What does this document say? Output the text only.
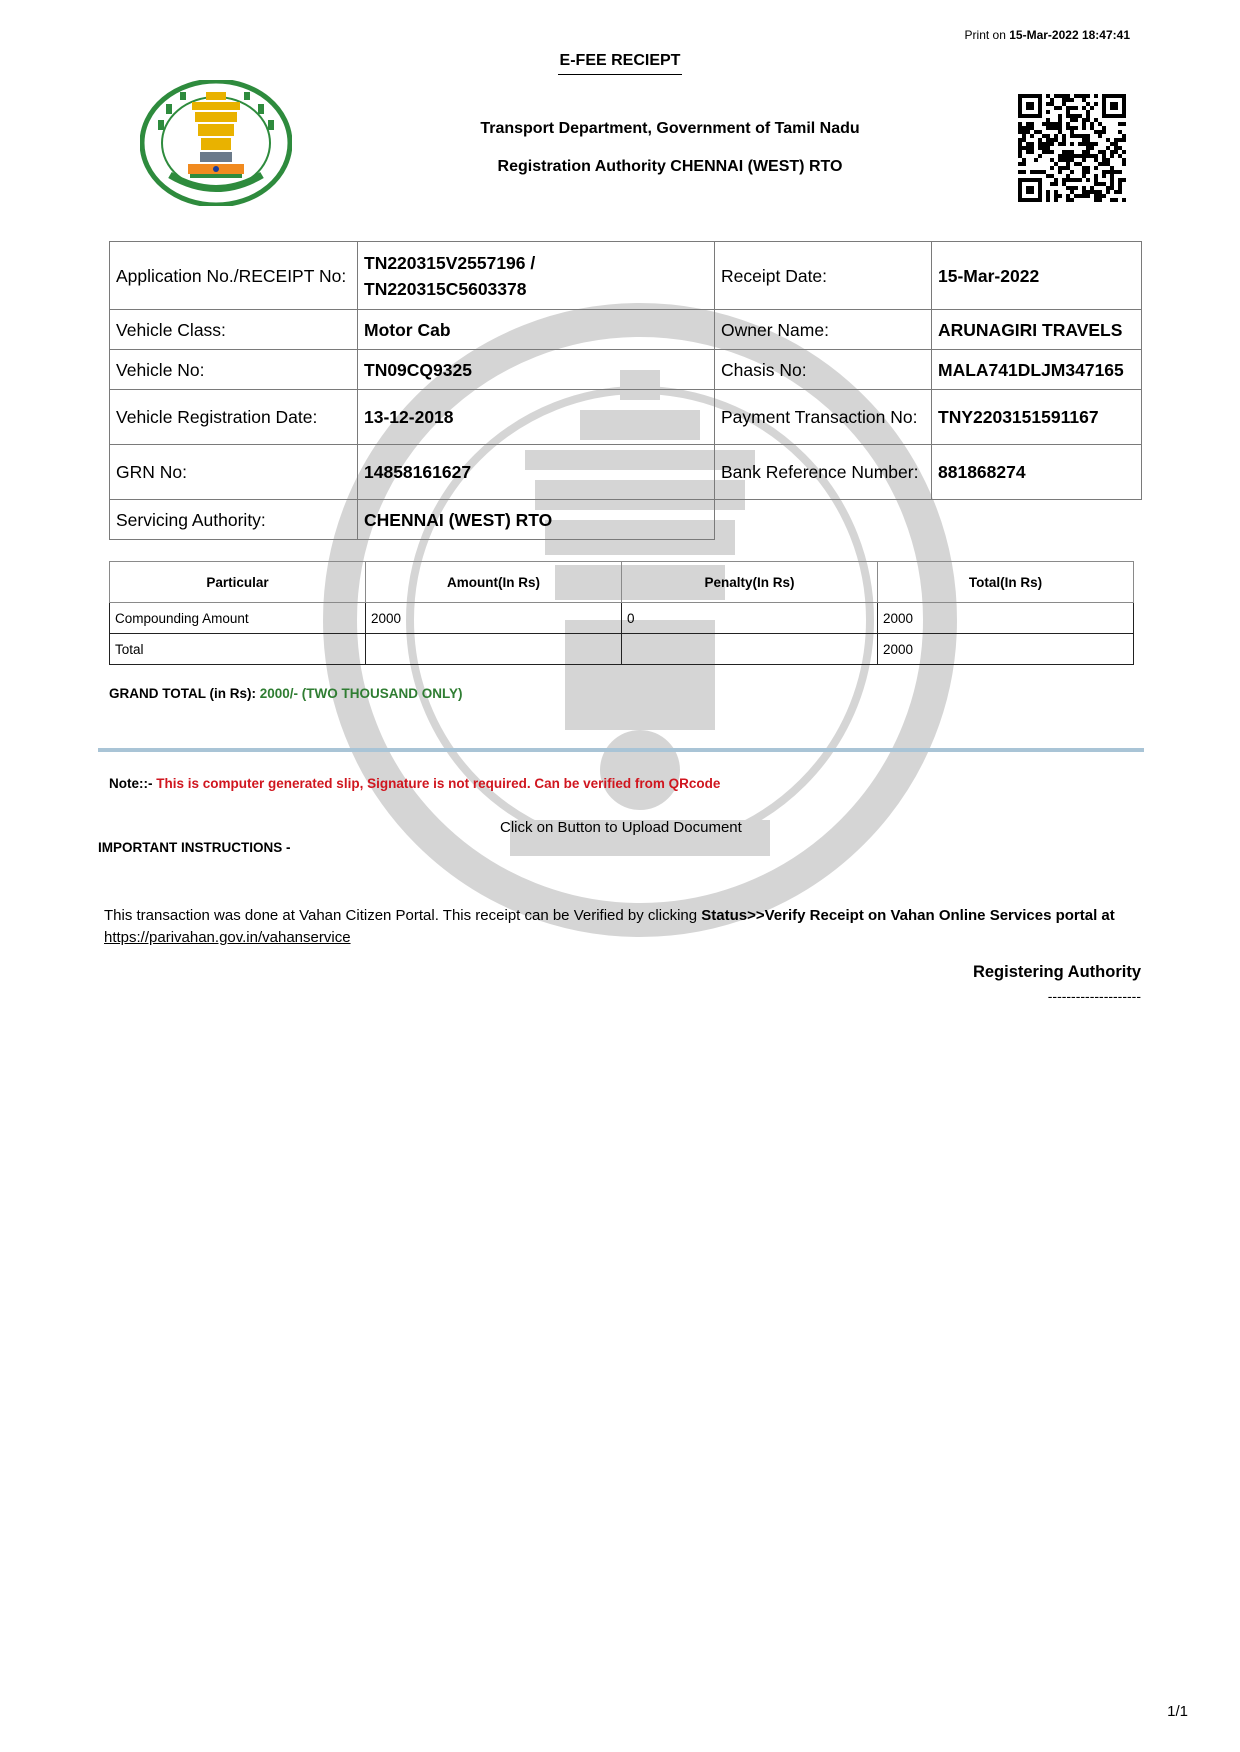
Print on 15-Mar-2022 18:47:41
E-FEE RECIEPT
Transport Department, Government of Tamil Nadu
Registration Authority CHENNAI (WEST) RTO
Application No./RECEIPT No:	TN220315V2557196 /
TN220315C5603378	Receipt Date:	15-Mar-2022
Vehicle Class:	Motor Cab	Owner Name:	ARUNAGIRI TRAVELS
Vehicle No:	TN09CQ9325	Chasis No:	MALA741DLJM347165
Vehicle Registration Date:	13-12-2018	Payment Transaction No:	TNY2203151591167
GRN No:	14858161627	Bank Reference Number:	881868274
Servicing Authority:	CHENNAI (WEST) RTO		
Particular	Amount(In Rs)	Penalty(In Rs)	Total(In Rs)
Compounding Amount	2000	0	2000
Total			2000
GRAND TOTAL (in Rs): 2000/- (TWO THOUSAND ONLY)
Note::- This is computer generated slip, Signature is not required. Can be verified from QRcode
Click on Button to Upload Document
IMPORTANT INSTRUCTIONS -
This transaction was done at Vahan Citizen Portal. This receipt can be Verified by clicking Status>>Verify Receipt on Vahan Online Services portal at
https://parivahan.gov.in/vahanservice
Registering Authority
--------------------
1/1
